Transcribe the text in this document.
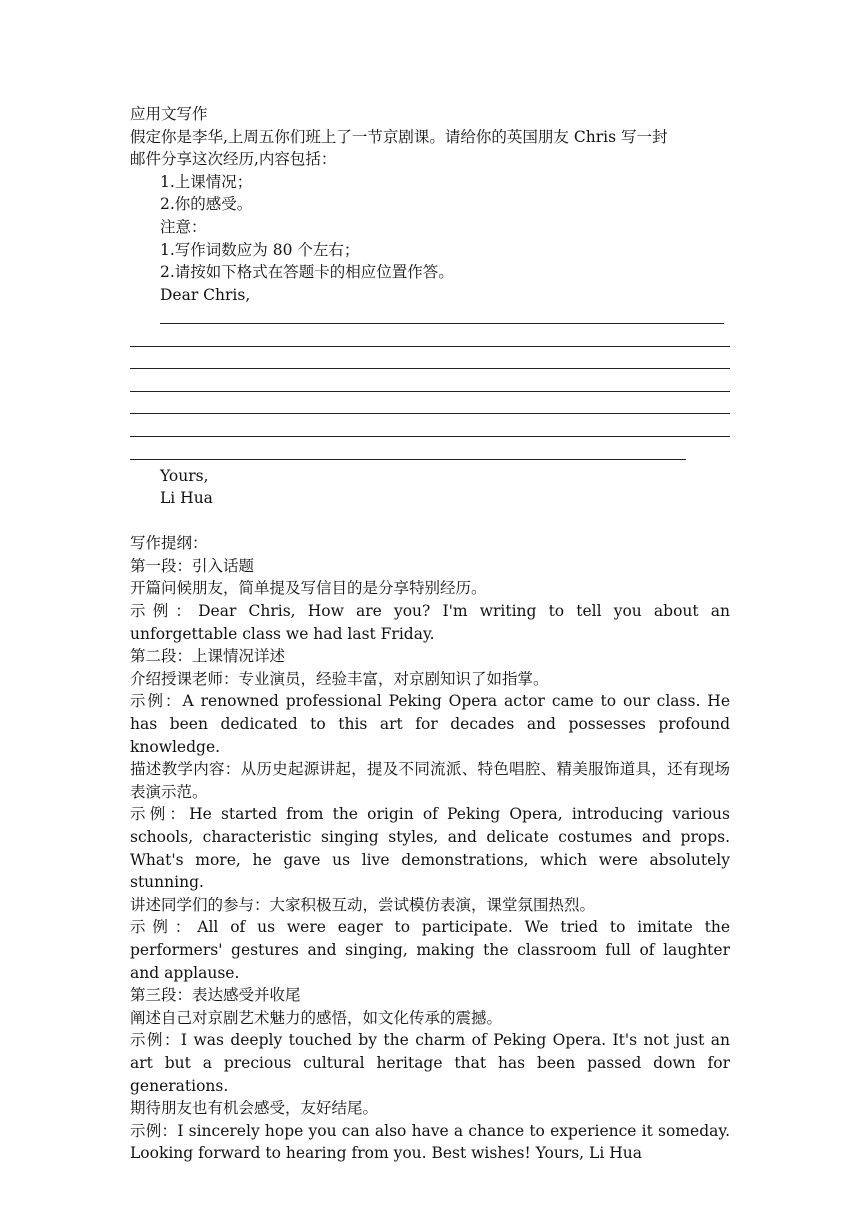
应用文写作

假定你是李华,上周五你们班上了一节京剧课。请给你的英国朋友 Chris 写一封

邮件分享这次经历,内容包括：

1.上课情况；

2.你的感受。

注意：

1.写作词数应为 80 个左右；

2.请按如下格式在答题卡的相应位置作答。

Dear Chris,

Yours,

Li Hua

写作提纲：

第一段：引入话题

开篇问候朋友，简单提及写信目的是分享特别经历。

示例：Dear Chris, How are you? I'm writing to tell you about an unforgettable class we had last Friday.

第二段：上课情况详述

介绍授课老师：专业演员，经验丰富，对京剧知识了如指掌。

示例：A renowned professional Peking Opera actor came to our class. He has been dedicated to this art for decades and possesses profound knowledge.

描述教学内容：从历史起源讲起，提及不同流派、特色唱腔、精美服饰道具，还有现场表演示范。

示例：He started from the origin of Peking Opera, introducing various schools, characteristic singing styles, and delicate costumes and props. What's more, he gave us live demonstrations, which were absolutely stunning.

讲述同学们的参与：大家积极互动，尝试模仿表演，课堂氛围热烈。

示例：All of us were eager to participate. We tried to imitate the performers' gestures and singing, making the classroom full of laughter and applause.

第三段：表达感受并收尾

阐述自己对京剧艺术魅力的感悟，如文化传承的震撼。

示例：I was deeply touched by the charm of Peking Opera. It's not just an art but a precious cultural heritage that has been passed down for generations.

期待朋友也有机会感受，友好结尾。

示例：I sincerely hope you can also have a chance to experience it someday. Looking forward to hearing from you. Best wishes! Yours, Li Hua
